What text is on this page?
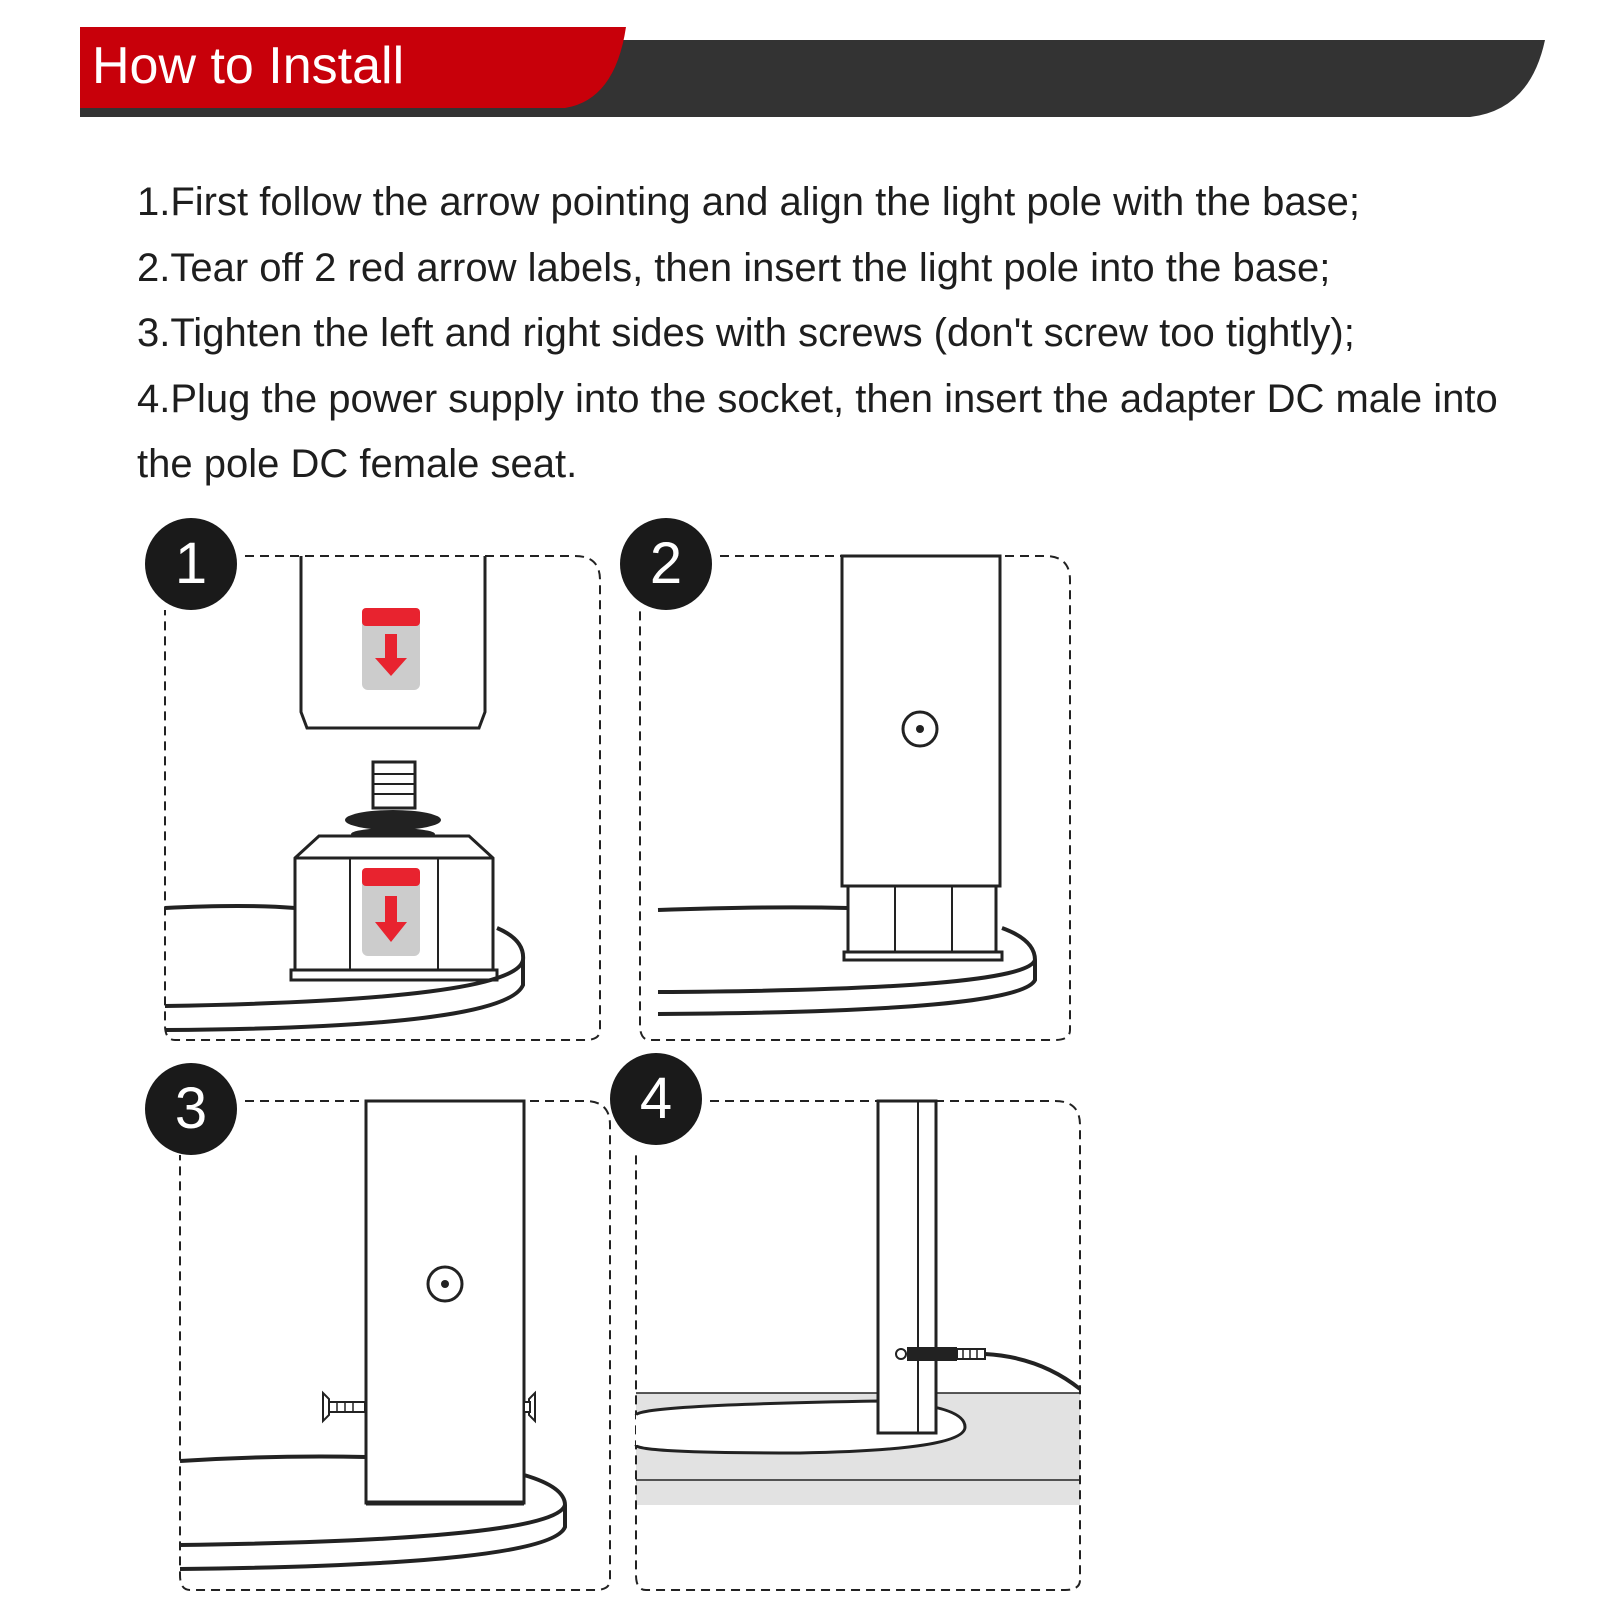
How to Install

1.First follow the arrow pointing and align the light pole with the base;

2.Tear off 2 red arrow labels, then insert the light pole into the base;

3.Tighten the left and right sides with screws (don't screw too tightly);

4.Plug the power supply into the socket, then insert the adapter DC male into the pole DC female seat.

1	2
3	4
